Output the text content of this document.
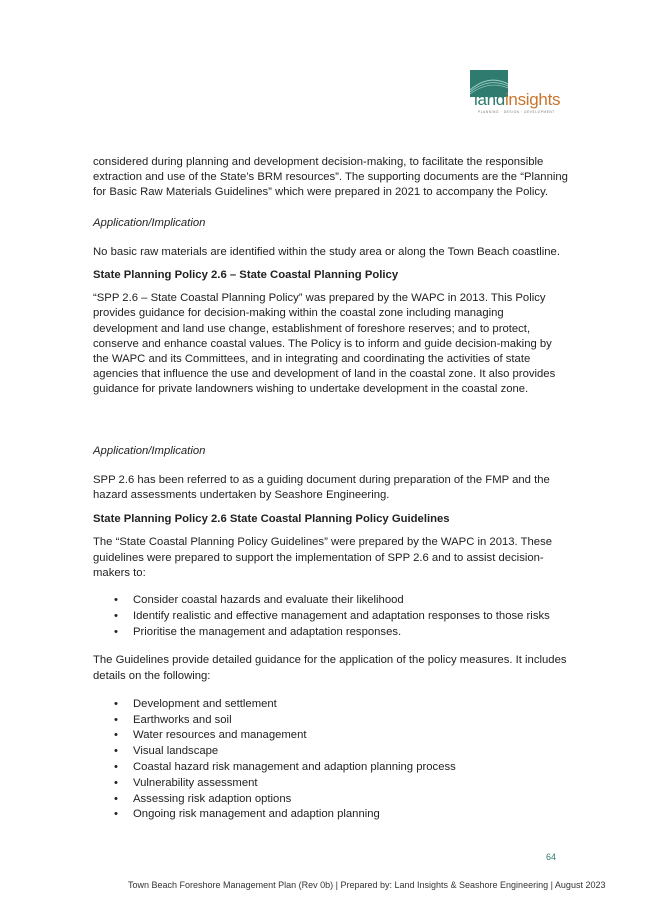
landinsights
PLANNING · DESIGN · DEVELOPMENT

considered during planning and development decision-making, to facilitate the responsible extraction and use of the State’s BRM resources”. The supporting documents are the “Planning for Basic Raw Materials Guidelines” which were prepared in 2021 to accompany the Policy.

Application/Implication

No basic raw materials are identified within the study area or along the Town Beach coastline.

State Planning Policy 2.6 – State Coastal Planning Policy

“SPP 2.6 – State Coastal Planning Policy” was prepared by the WAPC in 2013. This Policy provides guidance for decision-making within the coastal zone including managing development and land use change, establishment of foreshore reserves; and to protect, conserve and enhance coastal values. The Policy is to inform and guide decision-making by the WAPC and its Committees, and in integrating and coordinating the activities of state agencies that influence the use and development of land in the coastal zone. It also provides guidance for private landowners wishing to undertake development in the coastal zone.

Application/Implication

SPP 2.6 has been referred to as a guiding document during preparation of the FMP and the hazard assessments undertaken by Seashore Engineering.

State Planning Policy 2.6 State Coastal Planning Policy Guidelines

The “State Coastal Planning Policy Guidelines” were prepared by the WAPC in 2013. These guidelines were prepared to support the implementation of SPP 2.6 and to assist decision-makers to:

• Consider coastal hazards and evaluate their likelihood
• Identify realistic and effective management and adaptation responses to those risks
• Prioritise the management and adaptation responses.

The Guidelines provide detailed guidance for the application of the policy measures. It includes details on the following:

• Development and settlement
• Earthworks and soil
• Water resources and management
• Visual landscape
• Coastal hazard risk management and adaption planning process
• Vulnerability assessment
• Assessing risk adaption options
• Ongoing risk management and adaption planning
64
Town Beach Foreshore Management Plan (Rev 0b) | Prepared by: Land Insights & Seashore Engineering | August 2023
